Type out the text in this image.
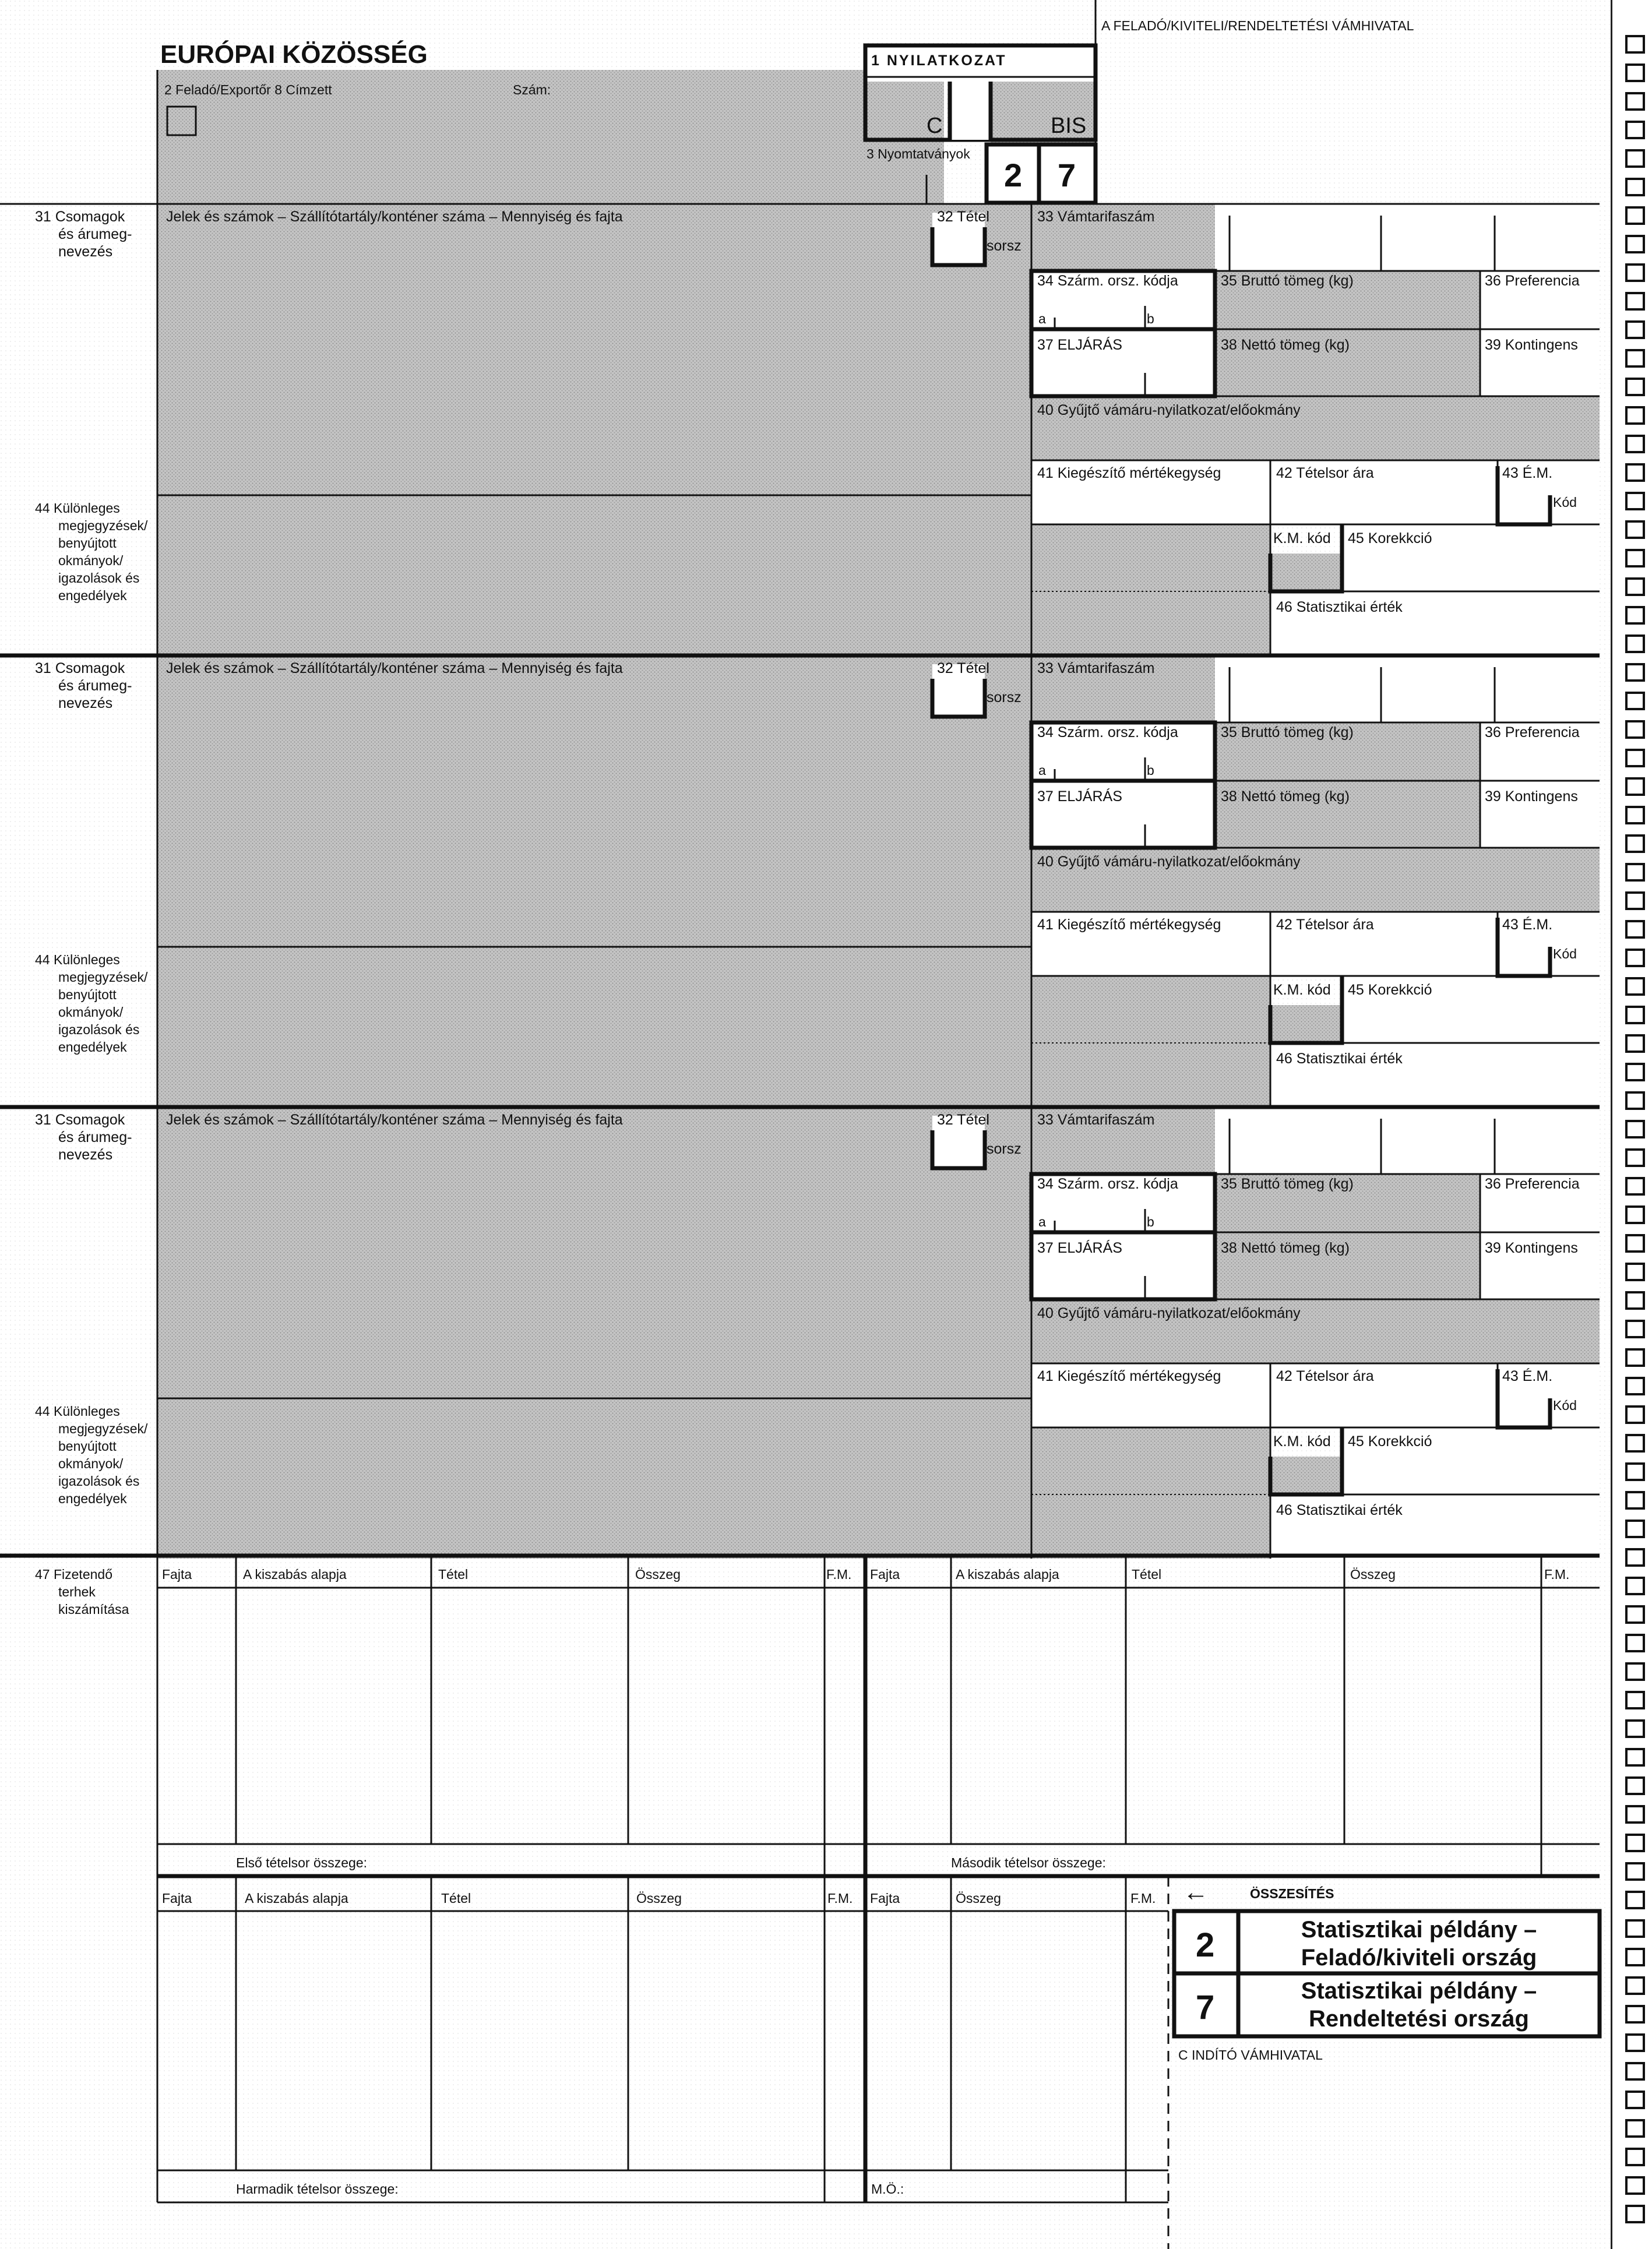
EURÓPAI KÖZÖSSÉG
A FELADÓ/KIVITELI/RENDELTETÉSI VÁMHIVATAL
2 Feladó/Exportőr 8 Címzett	Szám:
1 NYILATKOZAT
C	BIS
3 Nyomtatványok
2 7
31 Csomagok
és árumeg-
nevezés
Jelek és számok – Szállítótartály/konténer száma – Mennyiség és fajta	32 Tétel
sorsz
33 Vámtarifaszám
34 Szárm. orsz. kódja
a	b
35 Bruttó tömeg (kg)	36 Preferencia
37 ELJÁRÁS	38 Nettó tömeg (kg)	39 Kontingens
40 Gyűjtő vámáru-nyilatkozat/előokmány
41 Kiegészítő mértékegység	42 Tételsor ára	43 É.M.
Kód
K.M. kód 45 Korekkció
46 Statisztikai érték
44 Különleges
megjegyzések/
benyújtott
okmányok/
igazolások és
engedélyek
31 Csomagok
és árumeg-
nevezés
Jelek és számok – Szállítótartály/konténer száma – Mennyiség és fajta	32 Tétel
sorsz
33 Vámtarifaszám
34 Szárm. orsz. kódja
a	b
35 Bruttó tömeg (kg)	36 Preferencia
37 ELJÁRÁS	38 Nettó tömeg (kg)	39 Kontingens
40 Gyűjtő vámáru-nyilatkozat/előokmány
41 Kiegészítő mértékegység	42 Tételsor ára	43 É.M.
Kód
K.M. kód 45 Korekkció
46 Statisztikai érték
44 Különleges
megjegyzések/
benyújtott
okmányok/
igazolások és
engedélyek
31 Csomagok
és árumeg-
nevezés
Jelek és számok – Szállítótartály/konténer száma – Mennyiség és fajta	32 Tétel
sorsz
33 Vámtarifaszám
34 Szárm. orsz. kódja
a	b
35 Bruttó tömeg (kg)	36 Preferencia
37 ELJÁRÁS	38 Nettó tömeg (kg)	39 Kontingens
40 Gyűjtő vámáru-nyilatkozat/előokmány
41 Kiegészítő mértékegység	42 Tételsor ára	43 É.M.
Kód
K.M. kód 45 Korekkció
46 Statisztikai érték
44 Különleges
megjegyzések/
benyújtott
okmányok/
igazolások és
engedélyek
47 Fizetendő
terhek
kiszámítása
Fajta	A kiszabás alapja	Tétel	Összeg	F.M. Fajta	A kiszabás alapja	Tétel	Összeg	F.M.
Első tételsor összege:	Második tételsor összege:
Fajta	A kiszabás alapja	Tétel	Összeg	F.M. Fajta	Összeg	F.M.
Harmadik tételsor összege:	M.Ö.:
←	ÖSSZESÍTÉS
2	Statisztikai példány –
Feladó/kiviteli ország
7	Statisztikai példány –
Rendeltetési ország
C INDÍTÓ VÁMHIVATAL
